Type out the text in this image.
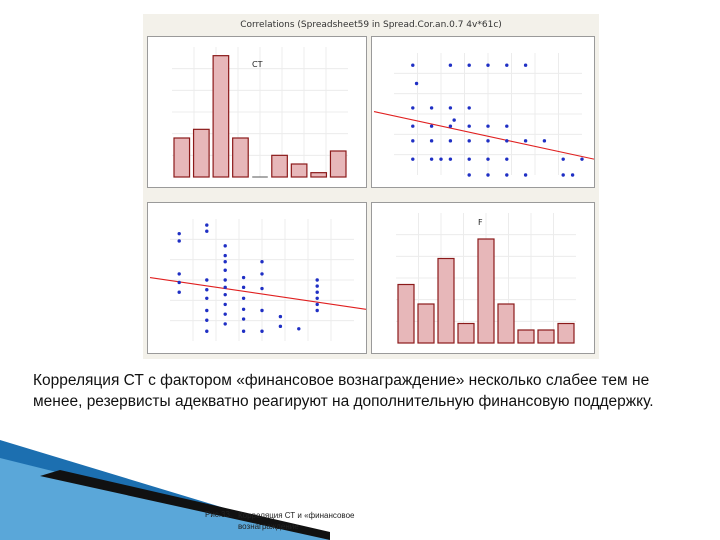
Correlations (Spreadsheet59 in Spread.Cor.an.0.7 4v*61c)
CT
F
Корреляция СТ с фактором «финансовое вознаграждение» несколько слабее тем не менее, резервисты адекватно реагируют на дополнительную финансовую поддержку.
Рис.33. Корреляция СТ и «финансовое вознаграждение
